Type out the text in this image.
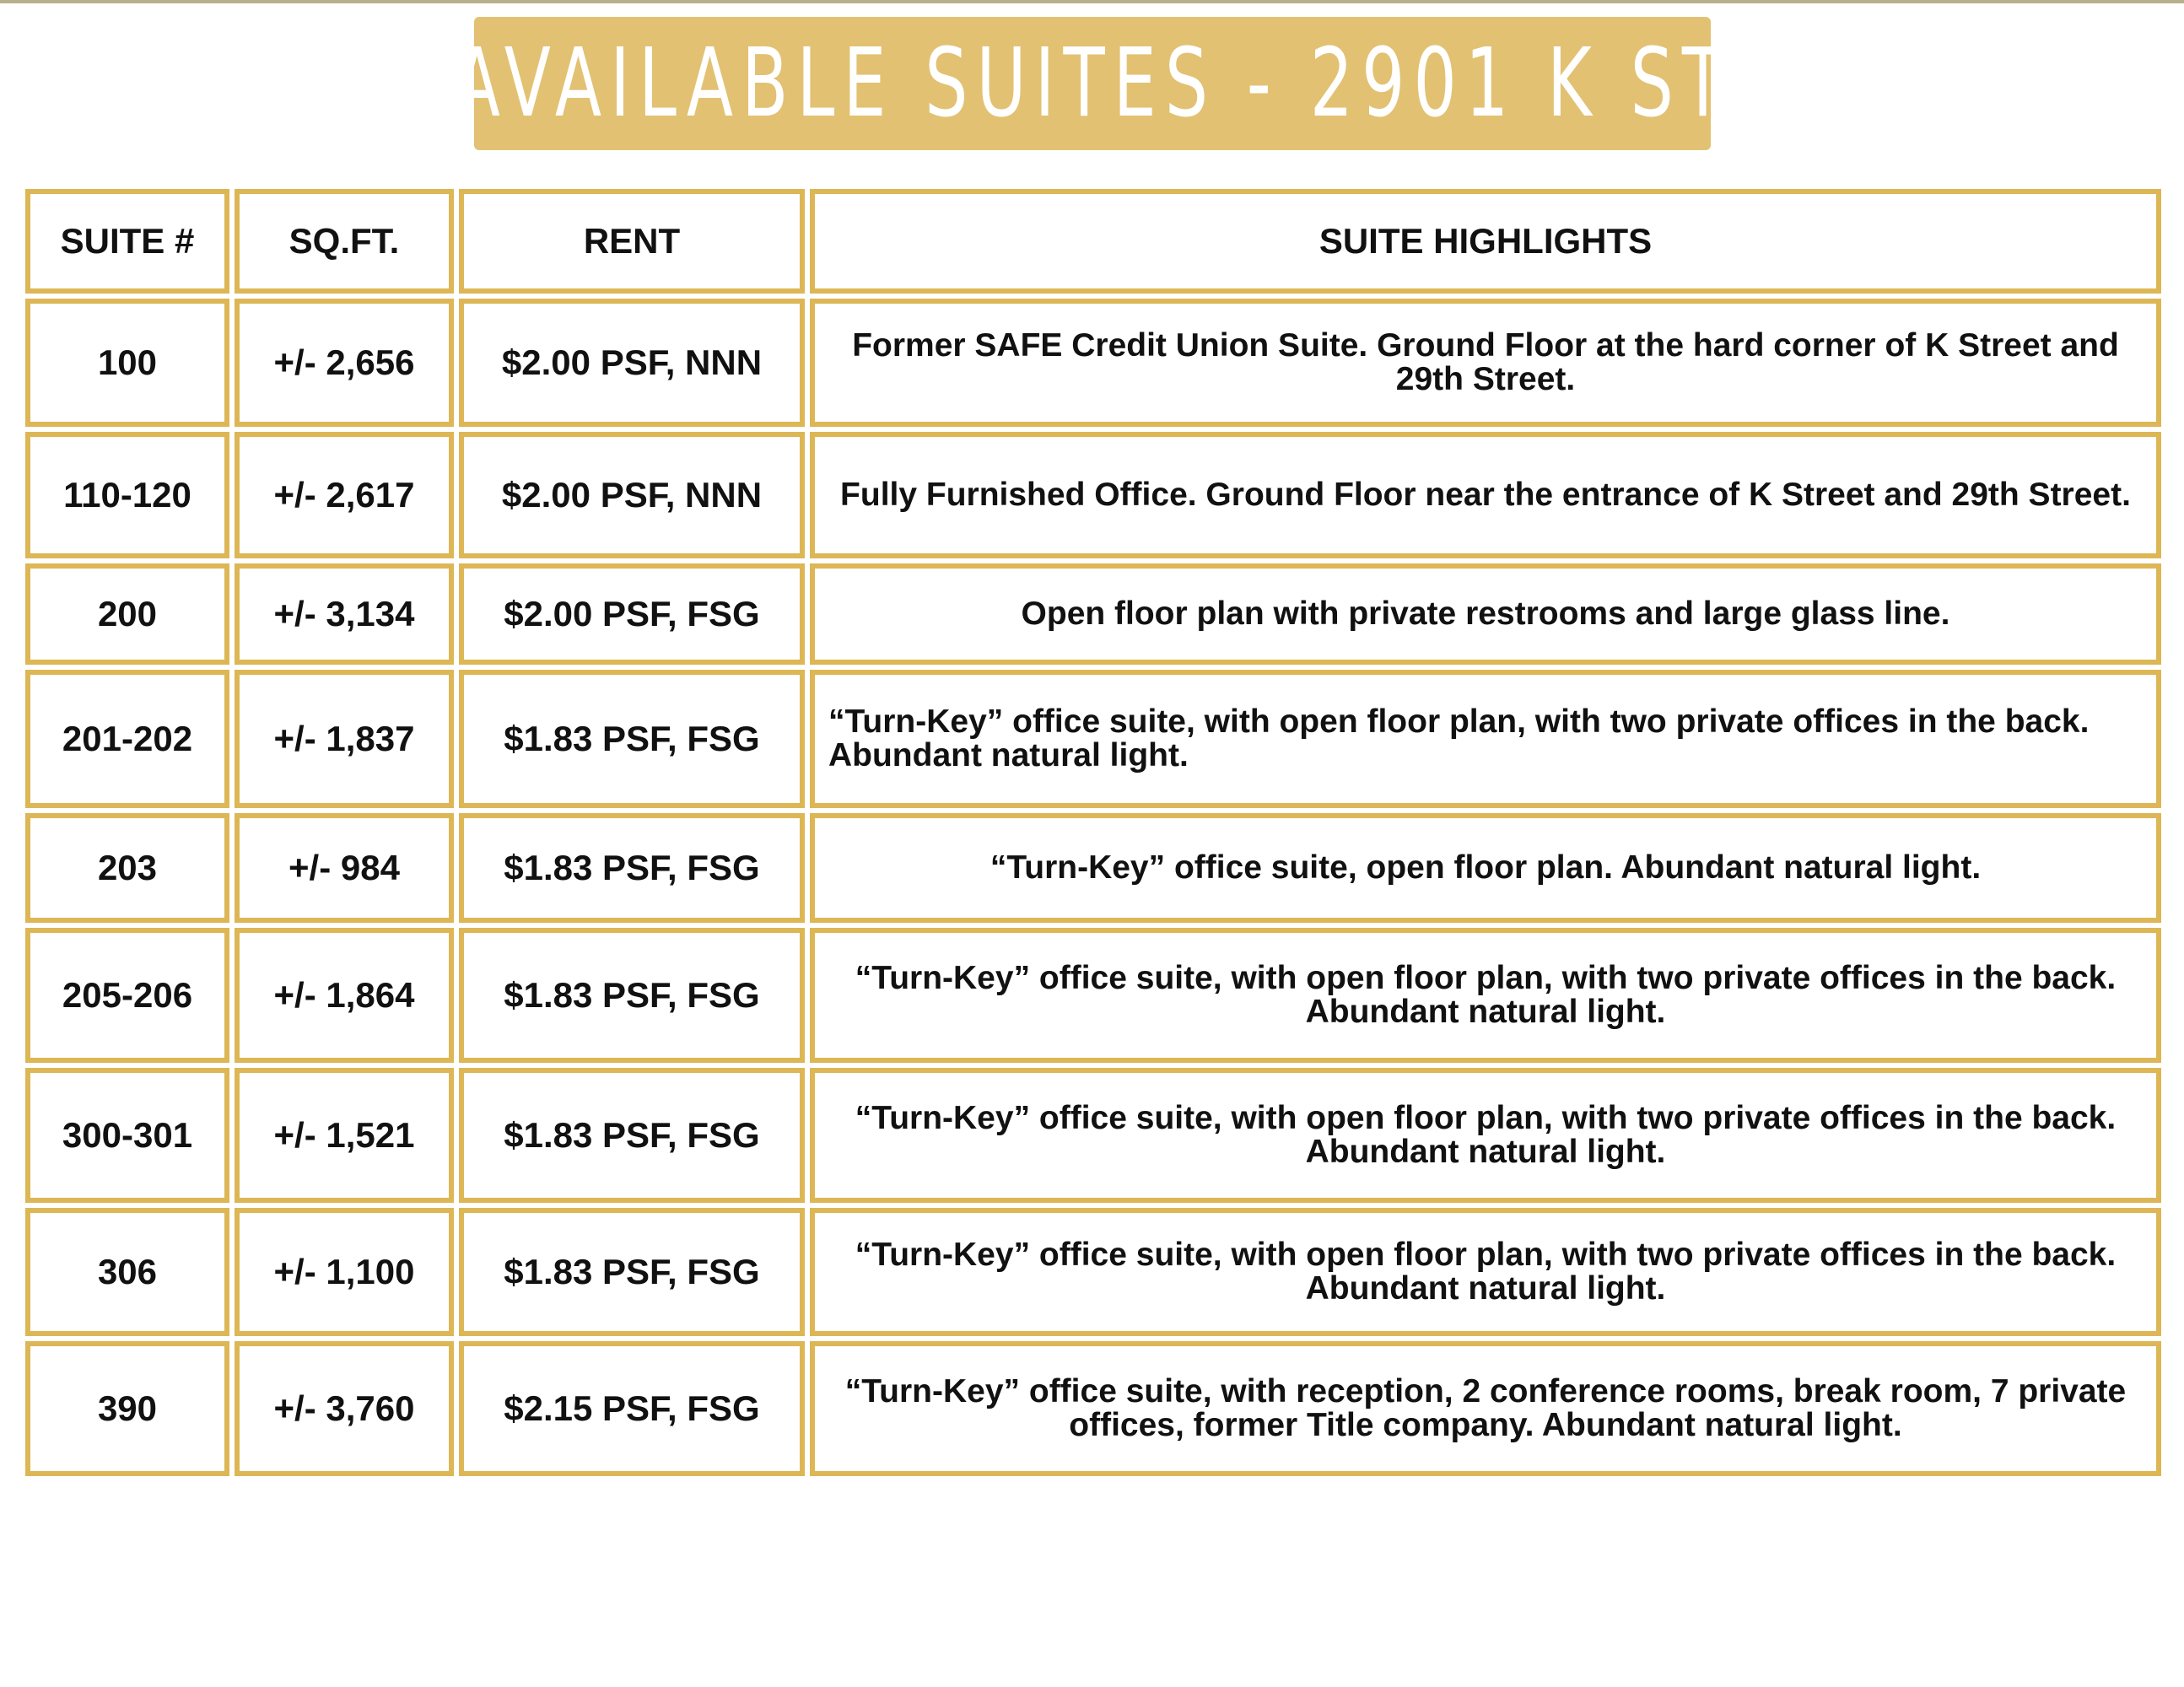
AVAILABLE SUITES - 2901 K ST
SUITE #	SQ.FT.	RENT	SUITE HIGHLIGHTS
100	+/- 2,656	$2.00 PSF, NNN	Former SAFE Credit Union Suite. Ground Floor at the hard corner of K Street and 29th Street.
110-120	+/- 2,617	$2.00 PSF, NNN	Fully Furnished Office. Ground Floor near the entrance of K Street and 29th Street.
200	+/- 3,134	$2.00 PSF, FSG	Open floor plan with private restrooms and large glass line.
201-202	+/- 1,837	$1.83 PSF, FSG	“Turn-Key” office suite, with open floor plan, with two private offices in the back. Abundant natural light.
203	+/- 984	$1.83 PSF, FSG	“Turn-Key” office suite, open floor plan. Abundant natural light.
205-206	+/- 1,864	$1.83 PSF, FSG	“Turn-Key” office suite, with open floor plan, with two private offices in the back. Abundant natural light.
300-301	+/- 1,521	$1.83 PSF, FSG	“Turn-Key” office suite, with open floor plan, with two private offices in the back. Abundant natural light.
306	+/- 1,100	$1.83 PSF, FSG	“Turn-Key” office suite, with open floor plan, with two private offices in the back. Abundant natural light.
390	+/- 3,760	$2.15 PSF, FSG	“Turn-Key” office suite, with reception, 2 conference rooms, break room, 7 private offices, former Title company. Abundant natural light.
